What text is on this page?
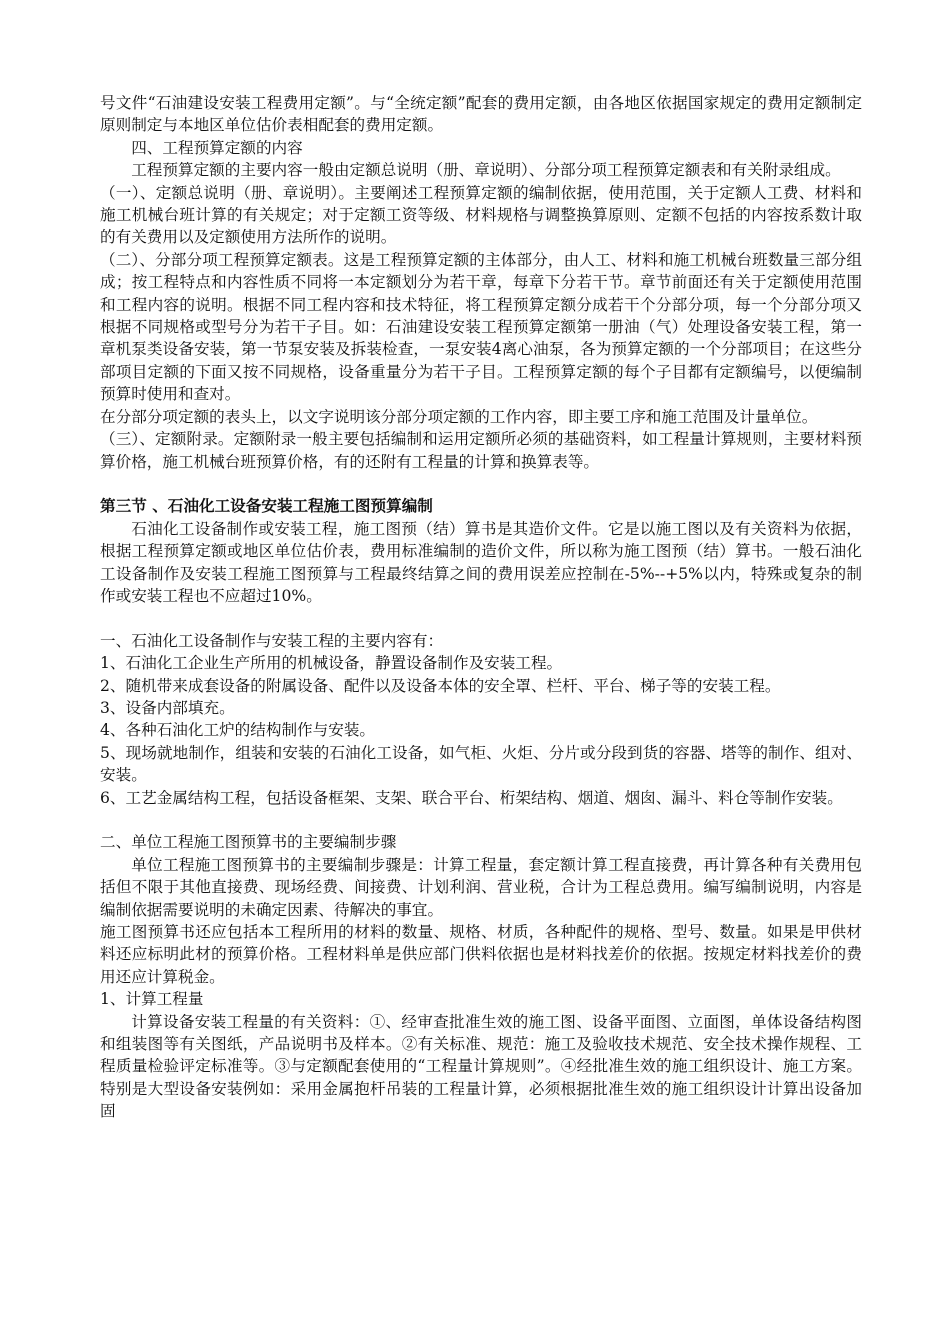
号文件“石油建设安装工程费用定额”。与“全统定额”配套的费用定额，由各地区依据国家规定的费用定额制定原则制定与本地区单位估价表相配套的费用定额。

四、工程预算定额的内容

工程预算定额的主要内容一般由定额总说明（册、章说明）、分部分项工程预算定额表和有关附录组成。

（一）、定额总说明（册、章说明）。主要阐述工程预算定额的编制依据，使用范围，关于定额人工费、材料和施工机械台班计算的有关规定；对于定额工资等级、材料规格与调整换算原则、定额不包括的内容按系数计取的有关费用以及定额使用方法所作的说明。

（二）、分部分项工程预算定额表。这是工程预算定额的主体部分，由人工、材料和施工机械台班数量三部分组成；按工程特点和内容性质不同将一本定额划分为若干章，每章下分若干节。章节前面还有关于定额使用范围和工程内容的说明。根据不同工程内容和技术特征，将工程预算定额分成若干个分部分项，每一个分部分项又根据不同规格或型号分为若干子目。如：石油建设安装工程预算定额第一册油（气）处理设备安装工程，第一章机泵类设备安装，第一节泵安装及拆装检查，一泵安装4离心油泵，各为预算定额的一个分部项目；在这些分部项目定额的下面又按不同规格，设备重量分为若干子目。工程预算定额的每个子目都有定额编号，以便编制预算时使用和查对。

在分部分项定额的表头上，以文字说明该分部分项定额的工作内容，即主要工序和施工范围及计量单位。

（三）、定额附录。定额附录一般主要包括编制和运用定额所必须的基础资料，如工程量计算规则，主要材料预算价格，施工机械台班预算价格，有的还附有工程量的计算和换算表等。

第三节 、石油化工设备安装工程施工图预算编制

石油化工设备制作或安装工程，施工图预（结）算书是其造价文件。它是以施工图以及有关资料为依据，根据工程预算定额或地区单位估价表，费用标准编制的造价文件，所以称为施工图预（结）算书。一般石油化工设备制作及安装工程施工图预算与工程最终结算之间的费用误差应控制在-5%--+5%以内，特殊或复杂的制作或安装工程也不应超过10%。

一、石油化工设备制作与安装工程的主要内容有：

1、石油化工企业生产所用的机械设备，静置设备制作及安装工程。

2、随机带来成套设备的附属设备、配件以及设备本体的安全罩、栏杆、平台、梯子等的安装工程。

3、设备内部填充。

4、各种石油化工炉的结构制作与安装。

5、现场就地制作，组装和安装的石油化工设备，如气柜、火炬、分片或分段到货的容器、塔等的制作、组对、安装。

6、工艺金属结构工程，包括设备框架、支架、联合平台、桁架结构、烟道、烟囱、漏斗、料仓等制作安装。

二、单位工程施工图预算书的主要编制步骤

单位工程施工图预算书的主要编制步骤是：计算工程量，套定额计算工程直接费，再计算各种有关费用包括但不限于其他直接费、现场经费、间接费、计划利润、营业税，合计为工程总费用。编写编制说明，内容是编制依据需要说明的未确定因素、待解决的事宜。

施工图预算书还应包括本工程所用的材料的数量、规格、材质，各种配件的规格、型号、数量。如果是甲供材料还应标明此材的预算价格。工程材料单是供应部门供料依据也是材料找差价的依据。按规定材料找差价的费用还应计算税金。

1、计算工程量

计算设备安装工程量的有关资料：①、经审查批准生效的施工图、设备平面图、立面图，单体设备结构图和组装图等有关图纸，产品说明书及样本。②有关标准、规范：施工及验收技术规范、安全技术操作规程、工程质量检验评定标准等。③与定额配套使用的“工程量计算规则”。④经批准生效的施工组织设计、施工方案。特别是大型设备安装例如：采用金属抱杆吊装的工程量计算，必须根据批准生效的施工组织设计计算出设备加固
